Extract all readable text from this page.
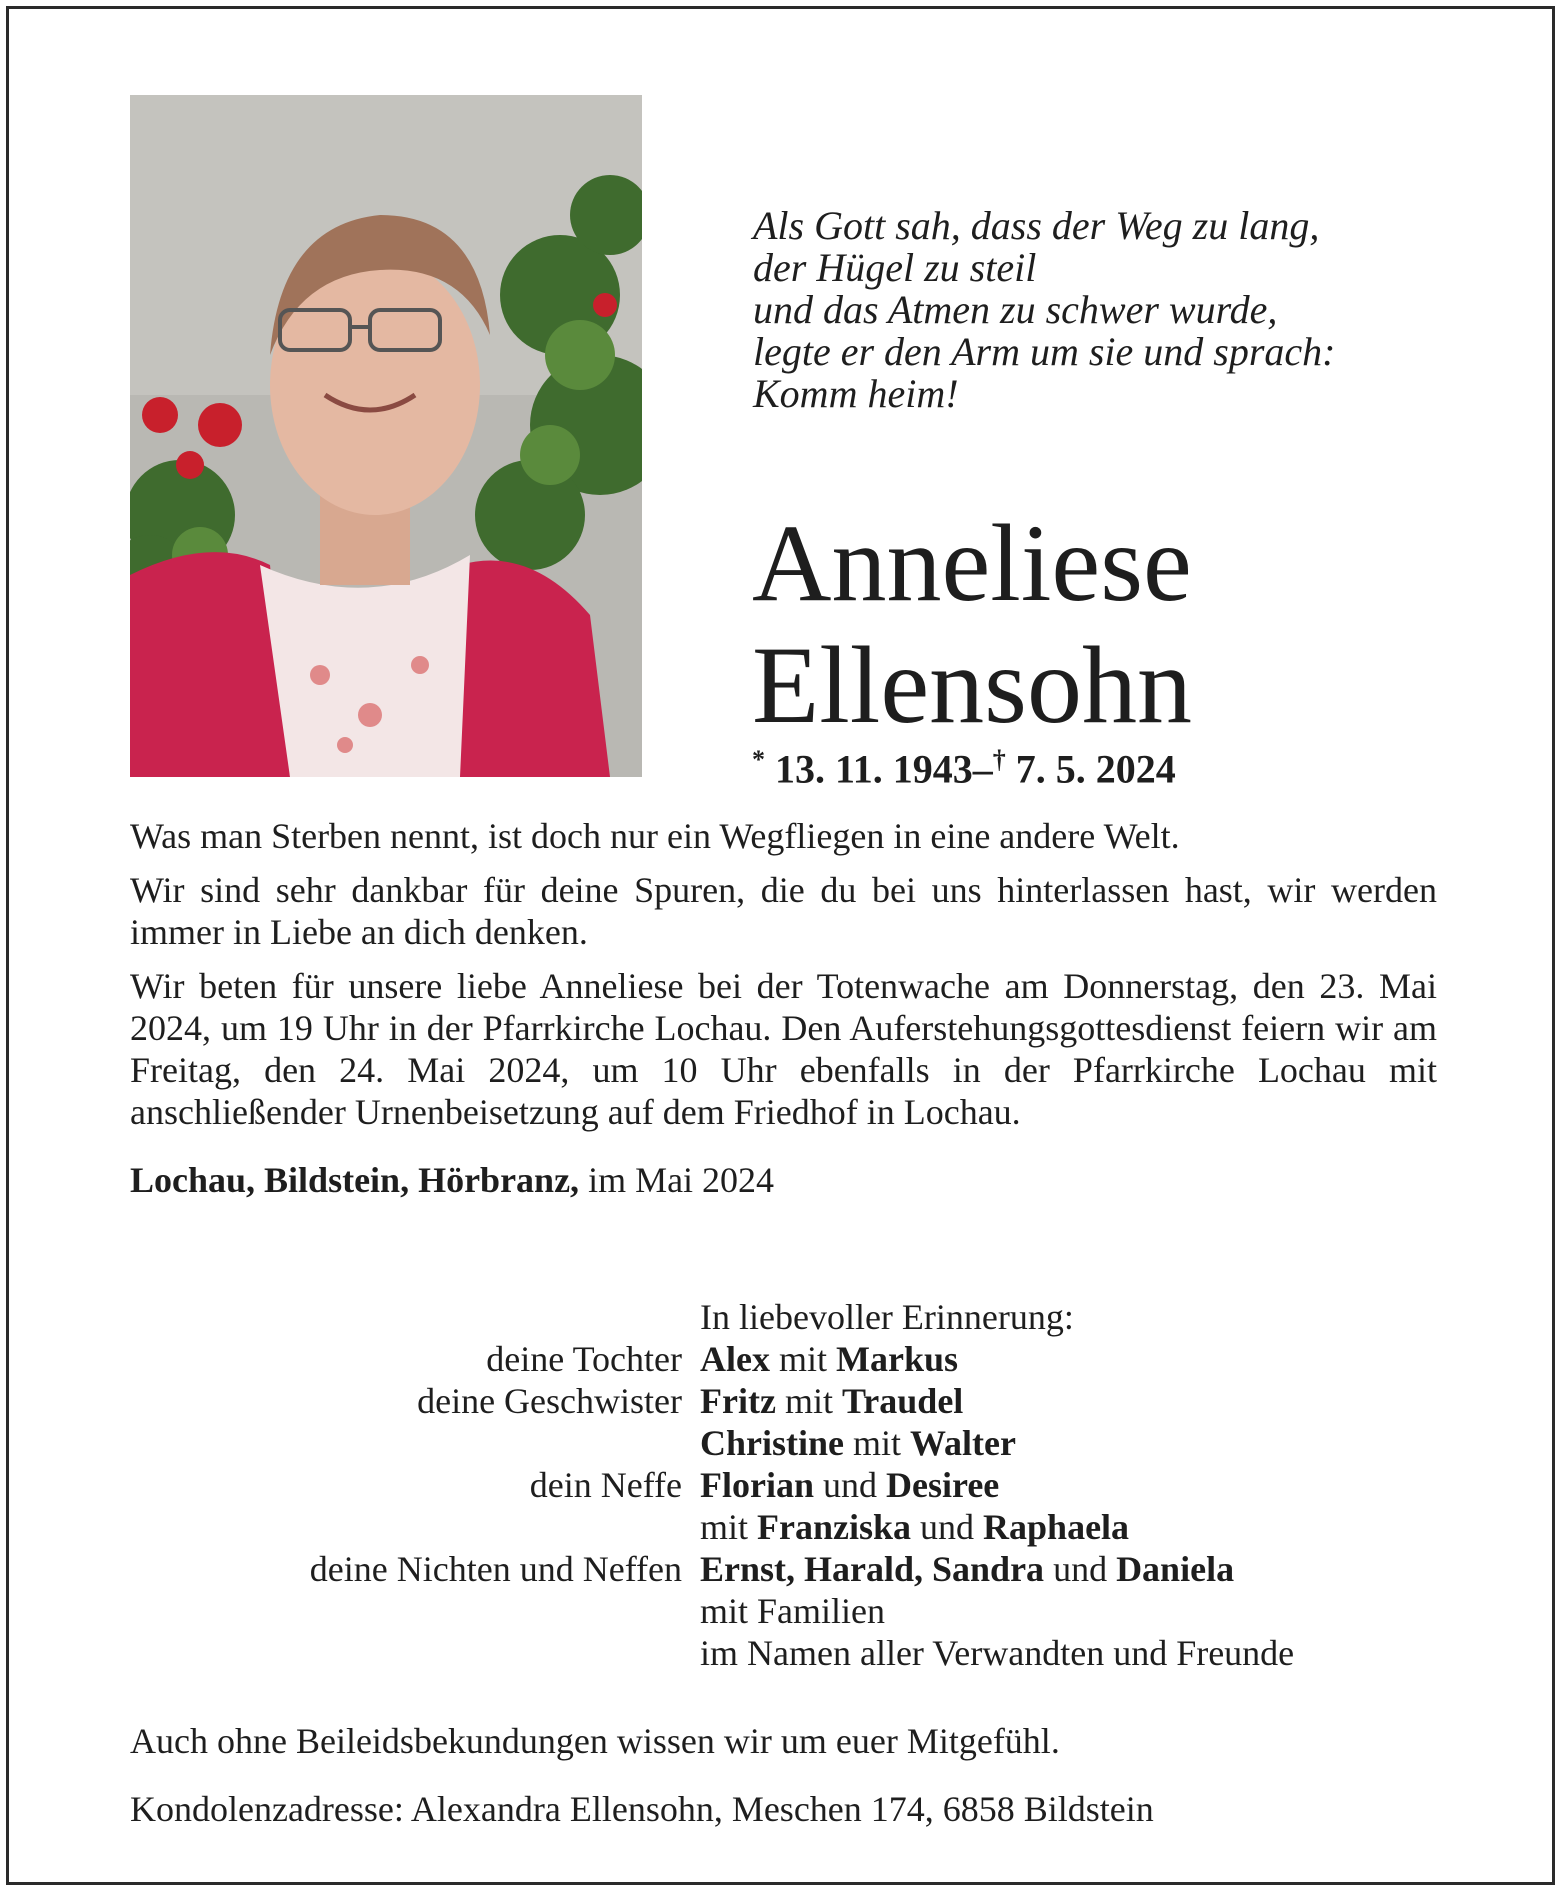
Als Gott sah, dass der Weg zu lang,
der Hügel zu steil
und das Atmen zu schwer wurde,
legte er den Arm um sie und sprach:
Komm heim!
Anneliese
Ellensohn
* 13. 11. 1943–† 7. 5. 2024

Was man Sterben nennt, ist doch nur ein Wegfliegen in eine andere Welt.

Wir sind sehr dankbar für deine Spuren, die du bei uns hinterlassen hast, wir werden immer in Liebe an dich denken.

Wir beten für unsere liebe Anneliese bei der Totenwache am Donnerstag, den 23. Mai 2024, um 19 Uhr in der Pfarrkirche Lochau. Den Auferstehungsgottesdienst feiern wir am Freitag, den 24. Mai 2024, um 10 Uhr ebenfalls in der Pfarrkirche Lochau mit anschließender Urnenbeisetzung auf dem Friedhof in Lochau.

Lochau, Bildstein, Hörbranz, im Mai 2024

In liebevoller Erinnerung:
deine Tochter Alex mit Markus
deine Geschwister Fritz mit Traudel
Christine mit Walter
dein Neffe Florian und Desiree
mit Franziska und Raphaela
deine Nichten und Neffen Ernst, Harald, Sandra und Daniela
mit Familien
im Namen aller Verwandten und Freunde

Auch ohne Beileidsbekundungen wissen wir um euer Mitgefühl.

Kondolenzadresse: Alexandra Ellensohn, Meschen 174, 6858 Bildstein
